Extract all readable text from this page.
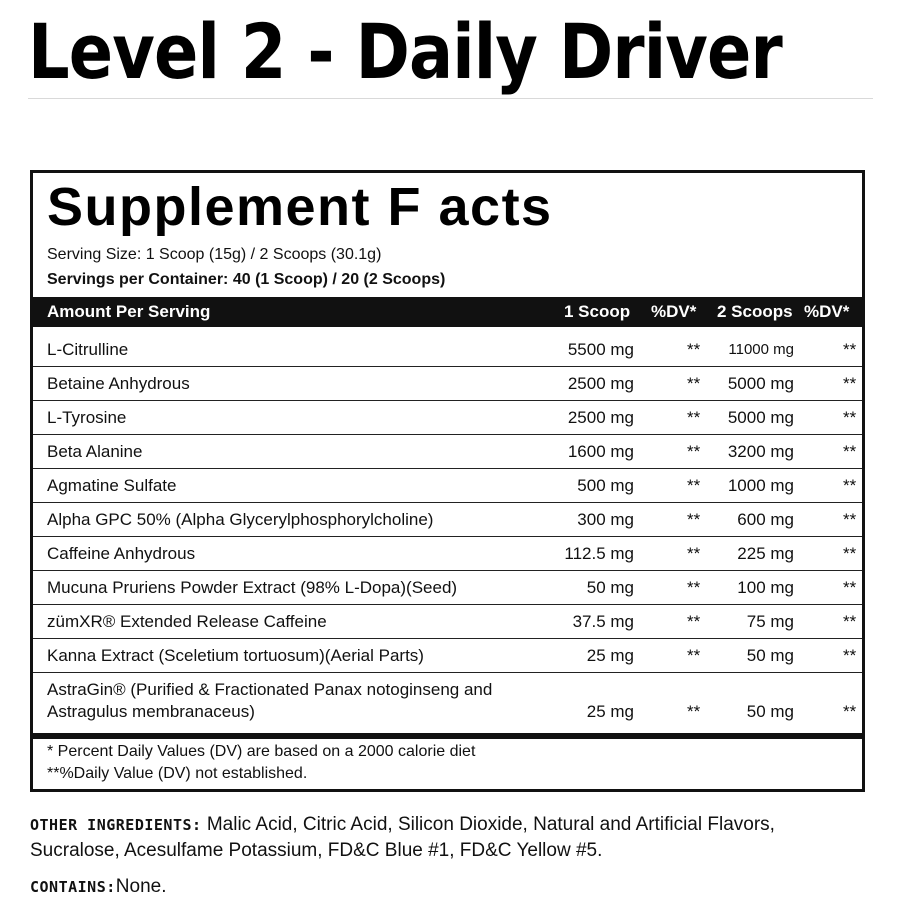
Level 2 - Daily Driver
Supplement F acts
Serving Size: 1 Scoop (15g) / 2 Scoops (30.1g)
Servings per Container: 40 (1 Scoop) / 20 (2 Scoops)
Amount Per Serving	1 Scoop %DV* 2 Scoops %DV*
L-Citrulline	5500 mg	** 11000 mg	**
Betaine Anhydrous	2500 mg	** 5000 mg	**
L-Tyrosine	2500 mg	** 5000 mg	**
Beta Alanine	1600 mg	** 3200 mg	**
Agmatine Sulfate	500 mg	** 1000 mg	**
Alpha GPC 50% (Alpha Glycerylphosphorylcholine)	300 mg	** 600 mg	**
Caffeine Anhydrous	112.5 mg	** 225 mg	**
Mucuna Pruriens Powder Extract (98% L-Dopa)(Seed)	50 mg	** 100 mg	**
zümXR® Extended Release Caffeine	37.5 mg	**	75 mg	**
Kanna Extract (Sceletium tortuosum)(Aerial Parts)	25 mg	**	50 mg	**
AstraGin® (Purified & Fractionated Panax notoginseng and Astragulus membranaceus)	25 mg	**	50 mg	**
* Percent Daily Values (DV) are based on a 2000 calorie diet
**%Daily Value (DV) not established.
OTHER INGREDIENTS: Malic Acid, Citric Acid, Silicon Dioxide, Natural and Artificial Flavors, Sucralose, Acesulfame Potassium, FD&C Blue #1, FD&C Yellow #5.
CONTAINS:None.
